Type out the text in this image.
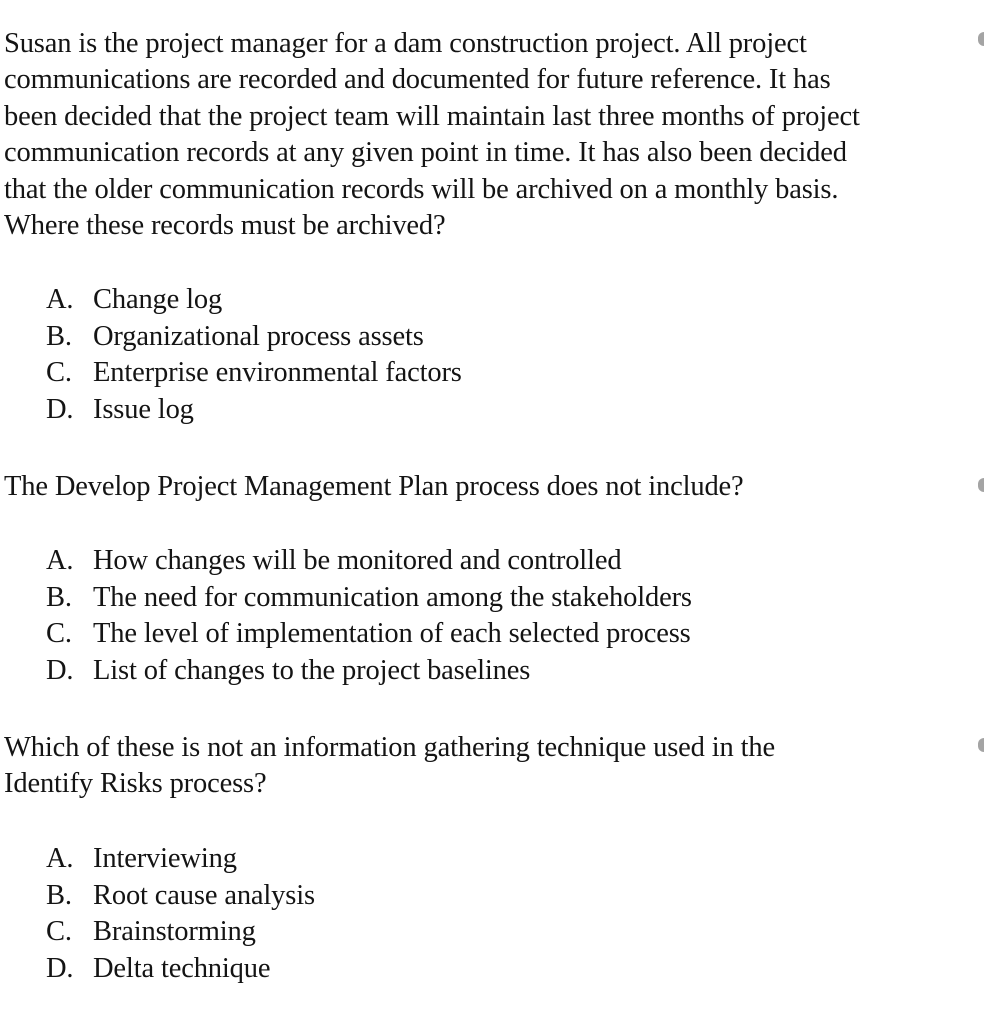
Susan is the project manager for a dam construction project. All project
communications are recorded and documented for future reference. It has
been decided that the project team will maintain last three months of project
communication records at any given point in time. It has also been decided
that the older communication records will be archived on a monthly basis.
Where these records must be archived?

A. Change log
B. Organizational process assets
C. Enterprise environmental factors
D. Issue log

The Develop Project Management Plan process does not include?

A. How changes will be monitored and controlled
B. The need for communication among the stakeholders
C. The level of implementation of each selected process
D. List of changes to the project baselines

Which of these is not an information gathering technique used in the
Identify Risks process?

A. Interviewing
B. Root cause analysis
C. Brainstorming
D. Delta technique
